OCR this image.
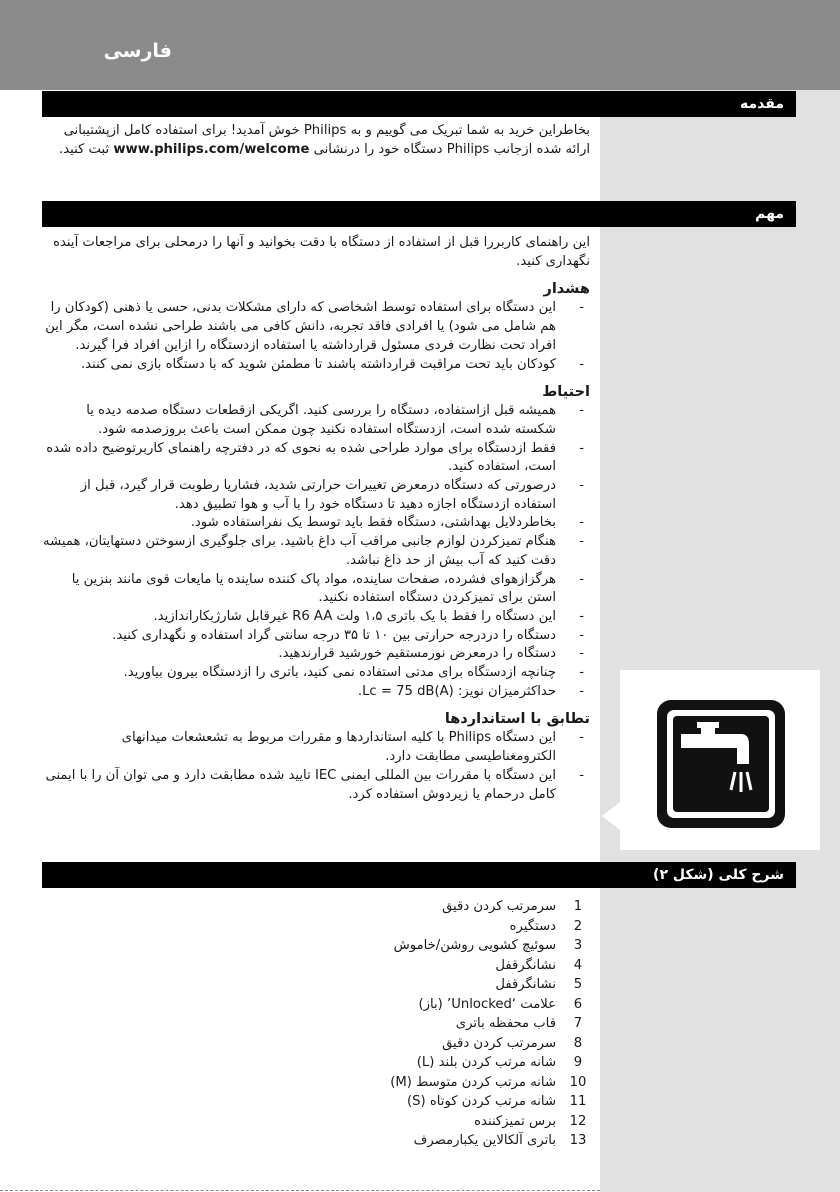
فارسی
مقدمه

بخاطراین خرید به شما تبریک می گوییم و به Philips خوش آمدید! برای استفاده کامل ازپشتیبانی ارائه شده ازجانب Philips دستگاه خود را درنشانی www.philips.com/welcome ثبت کنید.

مهم

این راهنمای کاربررا قبل از استفاده از دستگاه با دقت بخوانید و آنها را درمحلی برای مراجعات آینده نگهداری کنید.

هشدار
- این دستگاه برای استفاده توسط اشخاصی که دارای مشکلات بدنی، حسی یا ذهنی (کودکان را هم شامل می شود) یا افرادی فاقد تجربه، دانش کافی می باشند طراحی نشده است، مگر این افراد تحت نظارت فردی مسئول قرارداشته یا استفاده ازدستگاه را ازاین افراد فرا گیرند.
- کودکان باید تحت مراقبت قرارداشته باشند تا مطمئن شوید که با دستگاه بازی نمی کنند.
احتیاط
- همیشه قبل ازاستفاده، دستگاه را بررسی کنید. اگریکی ازقطعات دستگاه صدمه دیده یا شکسته شده است، ازدستگاه استفاده نکنید چون ممکن است باعث بروزصدمه شود.
- فقط ازدستگاه برای موارد طراحی شده به نحوی که در دفترچه راهنمای کاربرتوضیح داده شده است، استفاده کنید.
- درصورتی که دستگاه درمعرض تغییرات حرارتی شدید، فشاریا رطوبت قرار گیرد، قبل از استفاده ازدستگاه اجازه دهید تا دستگاه خود را با آب و هوا تطبیق دهد.
- بخاطردلایل بهداشتی، دستگاه فقط باید توسط یک نفراستفاده شود.
- هنگام تمیزکردن لوازم جانبی مراقب آب داغ باشید. برای جلوگیری ازسوختن دستهایتان، همیشه دقت کنید که آب بیش از حد داغ نباشد.
- هرگزازهوای فشرده، صفحات ساینده، مواد پاک کننده ساینده یا مایعات قوی مانند بنزین یا استن برای تمیزکردن دستگاه استفاده نکنید.
- این دستگاه را فقط با یک باتری ۱،۵ ولت R6 AA غیرقابل شارژبکاراندازید.
- دستگاه را دردرجه حرارتی بین ۱۰ تا ۳۵ درجه سانتی گراد استفاده و نگهداری کنید.
- دستگاه را درمعرض نورمستقیم خورشید قرارندهید.
- چنانچه ازدستگاه برای مدتی استفاده نمی کنید، باتری را ازدستگاه بیرون بیاورید.
- حداکثرمیزان نویز: Lc = 75 dB(A).
تطابق با استانداردها
- این دستگاه Philips با کلیه استانداردها و مقررات مربوط به تشعشعات میدانهای الکترومغناطیسی مطابقت دارد.
- این دستگاه با مقررات بین المللی ایمنی IEC تایید شده مطابقت دارد و می توان آن را با ایمنی کامل درحمام یا زیردوش استفاده کرد.
شرح کلی (شکل ۲)
1
سرمرتب کردن دقیق
2
دستگیره
3
سوئیچ کشویی روشن/خاموش
4
نشانگرقفل
5
نشانگرقفل
6
علامت ‘Unlocked’ (باز)
7
قاب محفظه باتری
8
سرمرتب کردن دقیق
9
شانه مرتب کردن بلند (L)
10
شانه مرتب کردن متوسط (M)
11
شانه مرتب کردن کوتاه (S)
12
برس تمیزکننده
13
باتری آلکالاین یکبارمصرف
